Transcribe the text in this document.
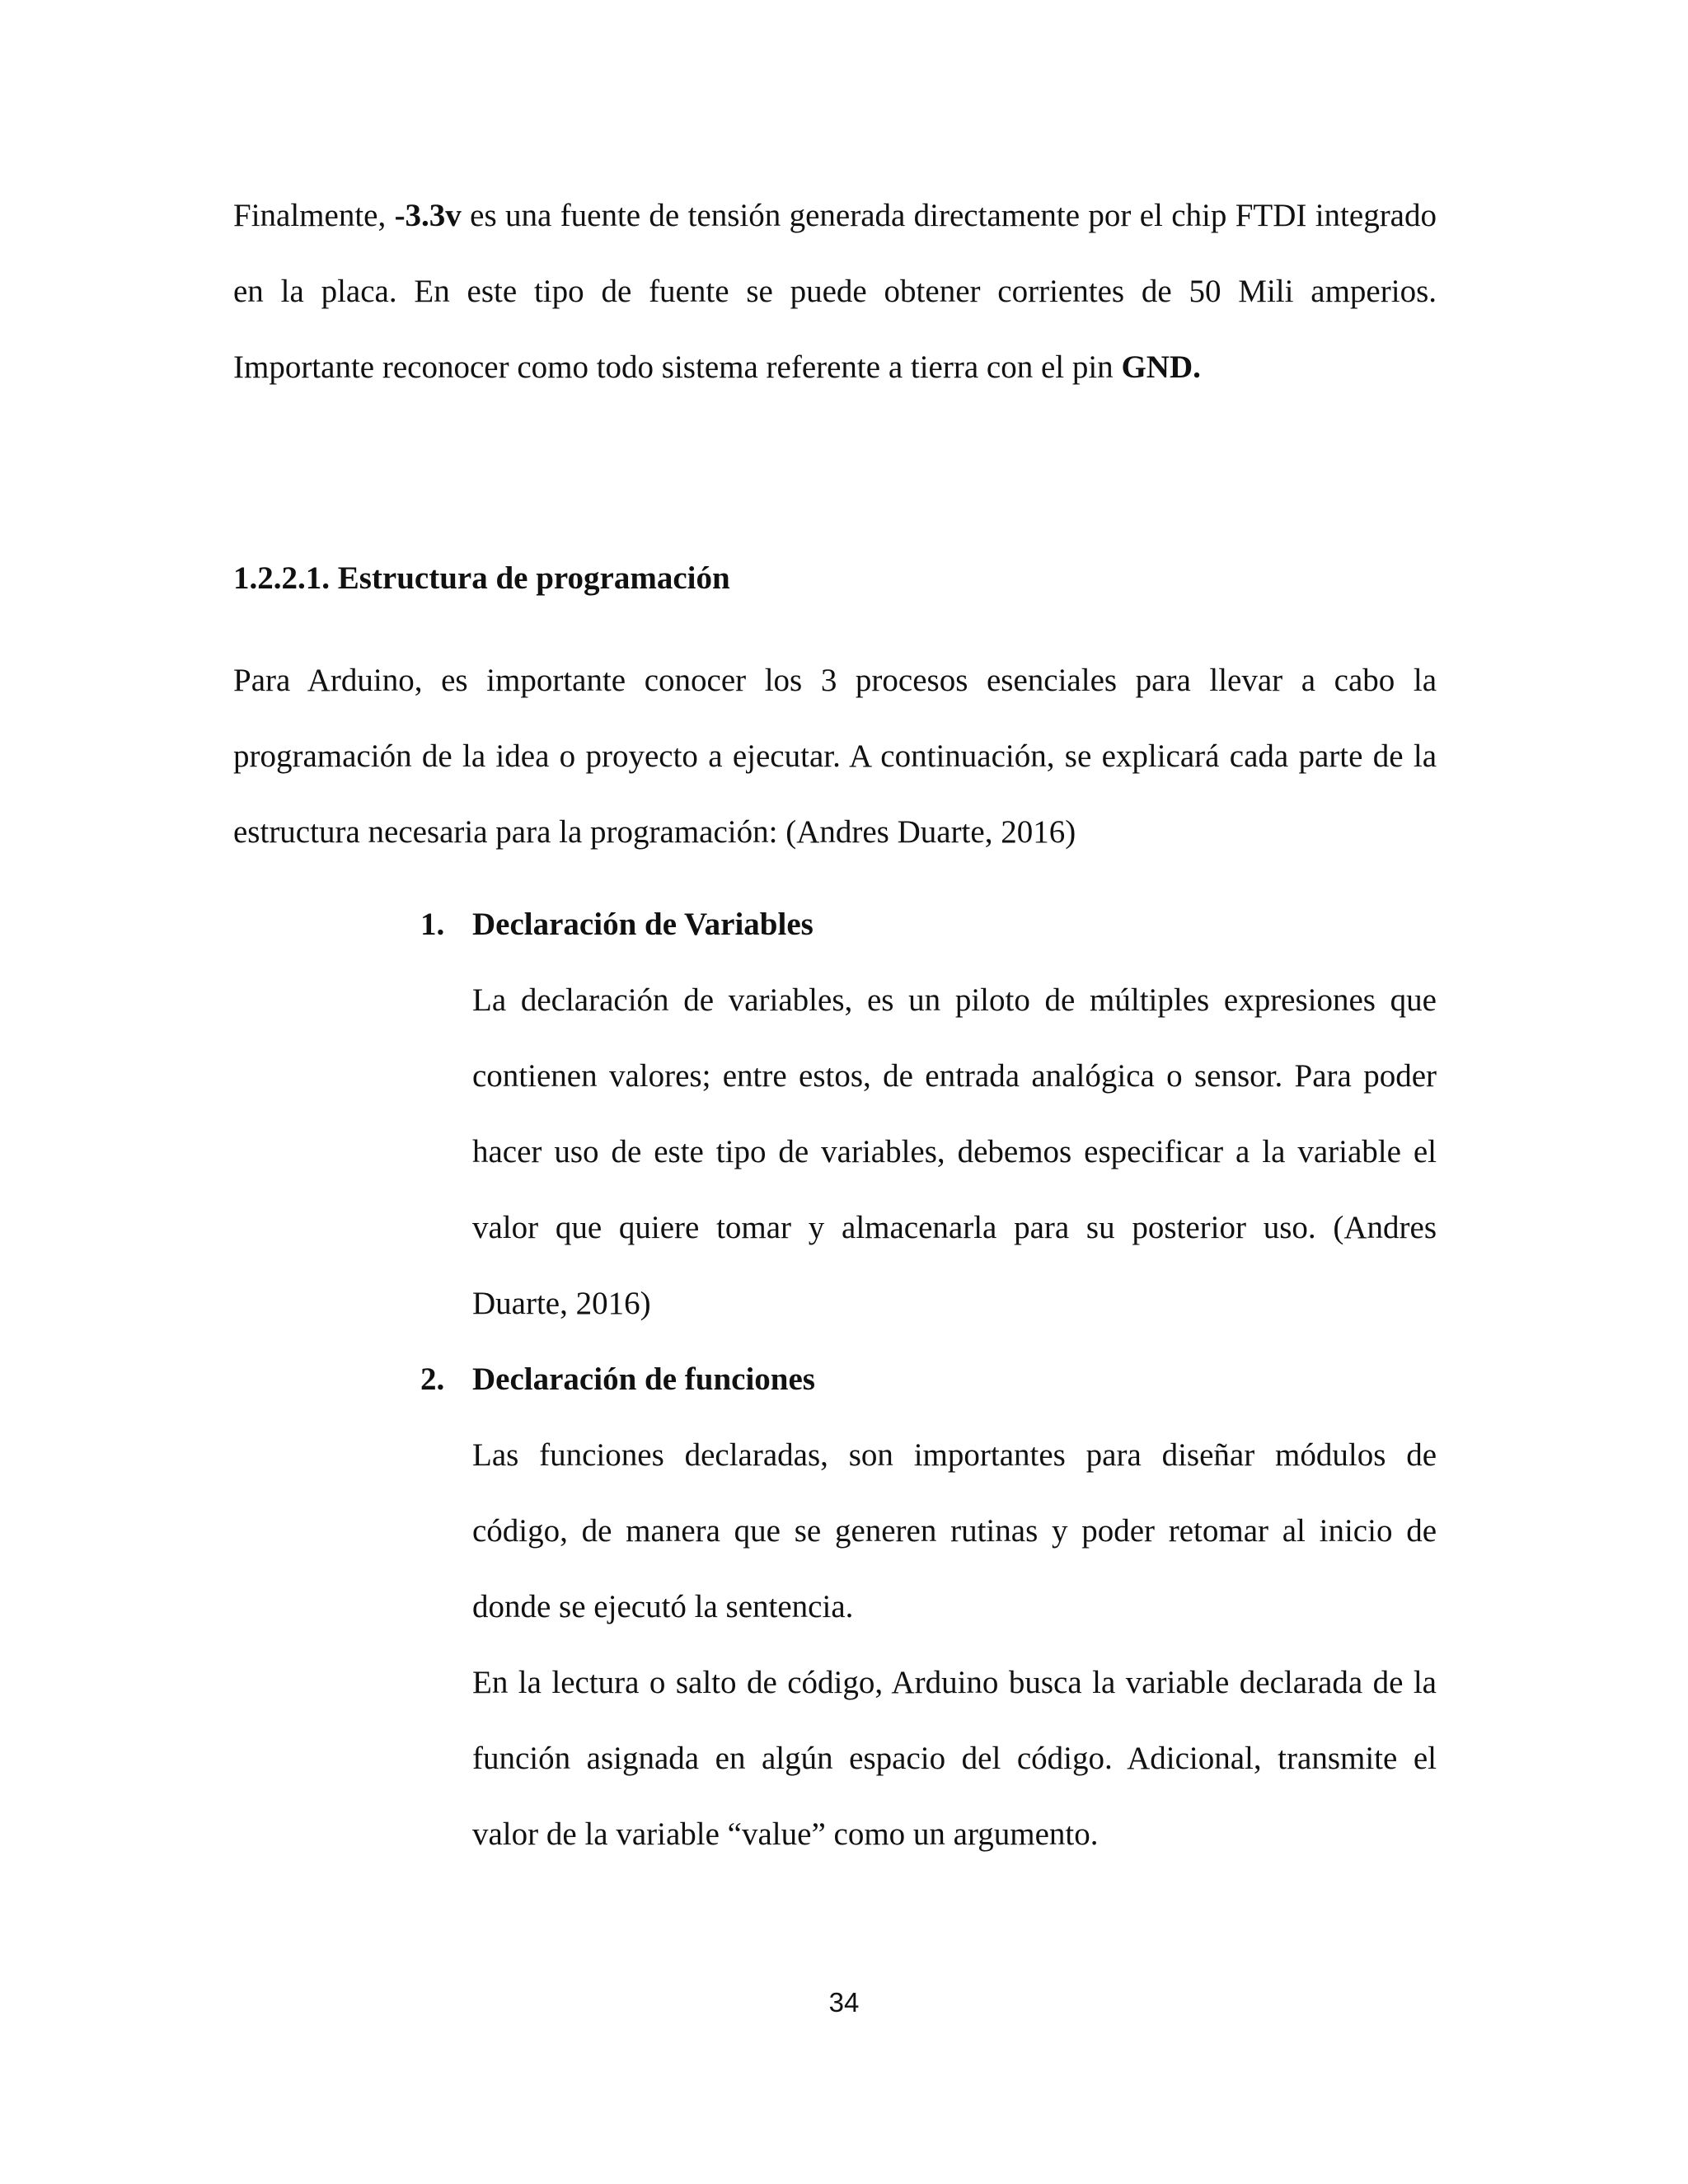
Finalmente, -3.3v es una fuente de tensión generada directamente por el chip FTDI integrado en la placa. En este tipo de fuente se puede obtener corrientes de 50 Mili amperios. Importante reconocer como todo sistema referente a tierra con el pin GND.

1.2.2.1. Estructura de programación

Para Arduino, es importante conocer los 3 procesos esenciales para llevar a cabo la programación de la idea o proyecto a ejecutar. A continuación, se explicará cada parte de la estructura necesaria para la programación: (Andres Duarte, 2016)

1. Declaración de Variables
La declaración de variables, es un piloto de múltiples expresiones que contienen valores; entre estos, de entrada analógica o sensor. Para poder hacer uso de este tipo de variables, debemos especificar a la variable el valor que quiere tomar y almacenarla para su posterior uso. (Andres Duarte, 2016)
2. Declaración de funciones
Las funciones declaradas, son importantes para diseñar módulos de código, de manera que se generen rutinas y poder retomar al inicio de donde se ejecutó la sentencia.
En la lectura o salto de código, Arduino busca la variable declarada de la función asignada en algún espacio del código. Adicional, transmite el valor de la variable “value” como un argumento.
34
